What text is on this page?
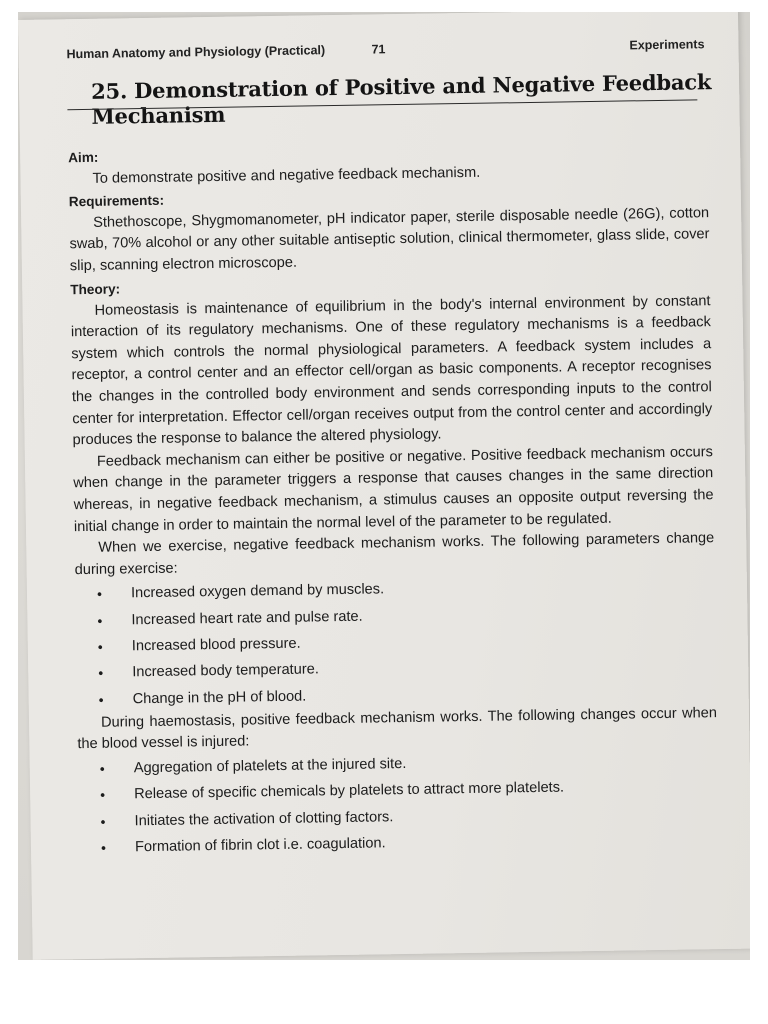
Human Anatomy and Physiology (Practical)	71	Experiments
25. Demonstration of Positive and Negative Feedback Mechanism
Aim:
To demonstrate positive and negative feedback mechanism.
Requirements:
Sthethoscope, Shygmomanometer, pH indicator paper, sterile disposable needle (26G), cotton swab, 70% alcohol or any other suitable antiseptic solution, clinical thermometer, glass slide, cover slip, scanning electron microscope.
Theory:
Homeostasis is maintenance of equilibrium in the body's internal environment by constant interaction of its regulatory mechanisms. One of these regulatory mechanisms is a feedback system which controls the normal physiological parameters. A feedback system includes a receptor, a control center and an effector cell/organ as basic components. A receptor recognises the changes in the controlled body environment and sends corresponding inputs to the control center for interpretation. Effector cell/organ receives output from the control center and accordingly produces the response to balance the altered physiology.
Feedback mechanism can either be positive or negative. Positive feedback mechanism occurs when change in the parameter triggers a response that causes changes in the same direction whereas, in negative feedback mechanism, a stimulus causes an opposite output reversing the initial change in order to maintain the normal level of the parameter to be regulated.
When we exercise, negative feedback mechanism works. The following parameters change during exercise:
• Increased oxygen demand by muscles.
• Increased heart rate and pulse rate.
• Increased blood pressure.
• Increased body temperature.
• Change in the pH of blood.
During haemostasis, positive feedback mechanism works. The following changes occur when the blood vessel is injured:
• Aggregation of platelets at the injured site.
• Release of specific chemicals by platelets to attract more platelets.
• Initiates the activation of clotting factors.
• Formation of fibrin clot i.e. coagulation.
